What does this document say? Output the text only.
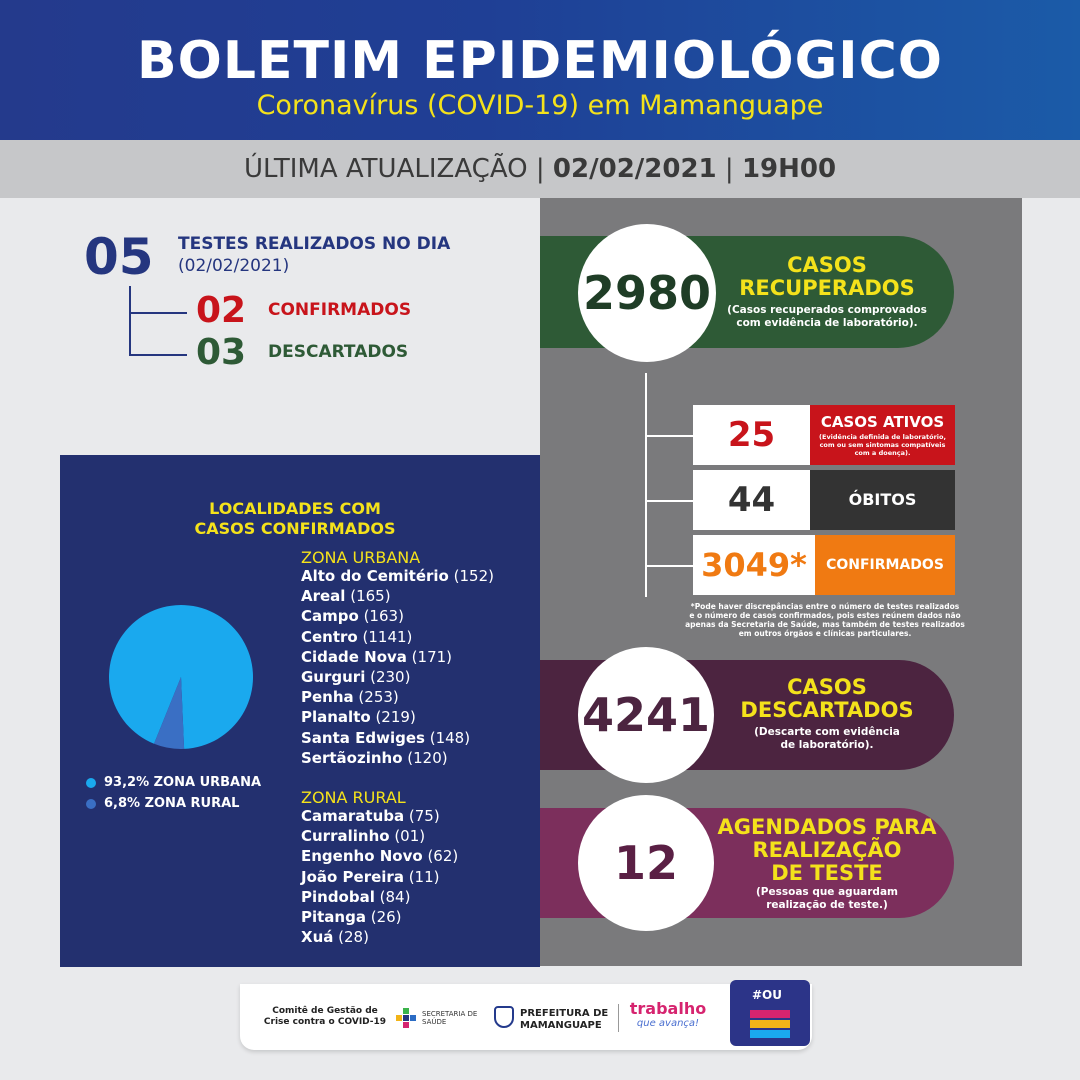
BOLETIM EPIDEMIOLÓGICO
Coronavírus (COVID-19) em Mamanguape
ÚLTIMA ATUALIZAÇÃO | 02/02/2021 | 19H00
05 TESTES REALIZADOS NO DIA
(02/02/2021)
02 CONFIRMADOS
03 DESCARTADOS
LOCALIDADES COM
CASOS CONFIRMADOS
93,2% ZONA URBANA
6,8% ZONA RURAL
ZONA URBANA
Alto do Cemitério (152)
Areal (165)
Campo (163)
Centro (1141)
Cidade Nova (171)
Gurguri (230)
Penha (253)
Planalto (219)
Santa Edwiges (148)
Sertãozinho (120)
ZONA RURAL
Camaratuba (75)
Curralinho (01)
Engenho Novo (62)
João Pereira (11)
Pindobal (84)
Pitanga (26)
Xuá (28)
CASOS
RECUPERADOS
(Casos recuperados comprovados
com evidência de laboratório).
2980
25	CASOS ATIVOS
(Evidência definida de laboratório,
com ou sem sintomas compatíveis
com a doença).
44	ÓBITOS
3049*	CONFIRMADOS
*Pode haver discrepâncias entre o número de testes realizados
e o número de casos confirmados, pois estes reúnem dados não
apenas da Secretaria de Saúde, mas também de testes realizados
em outros órgãos e clínicas particulares.
CASOS
DESCARTADOS
(Descarte com evidência
de laboratório).
4241
AGENDADOS PARA
REALIZAÇÃO
DE TESTE
(Pessoas que aguardam
realização de teste.)
12
Comitê de Gestão de
Crise contra o COVID-19
SECRETARIA DE
SAÚDE
PREFEITURA DE
MAMANGUAPE
trabalho
que avança!
#OU
